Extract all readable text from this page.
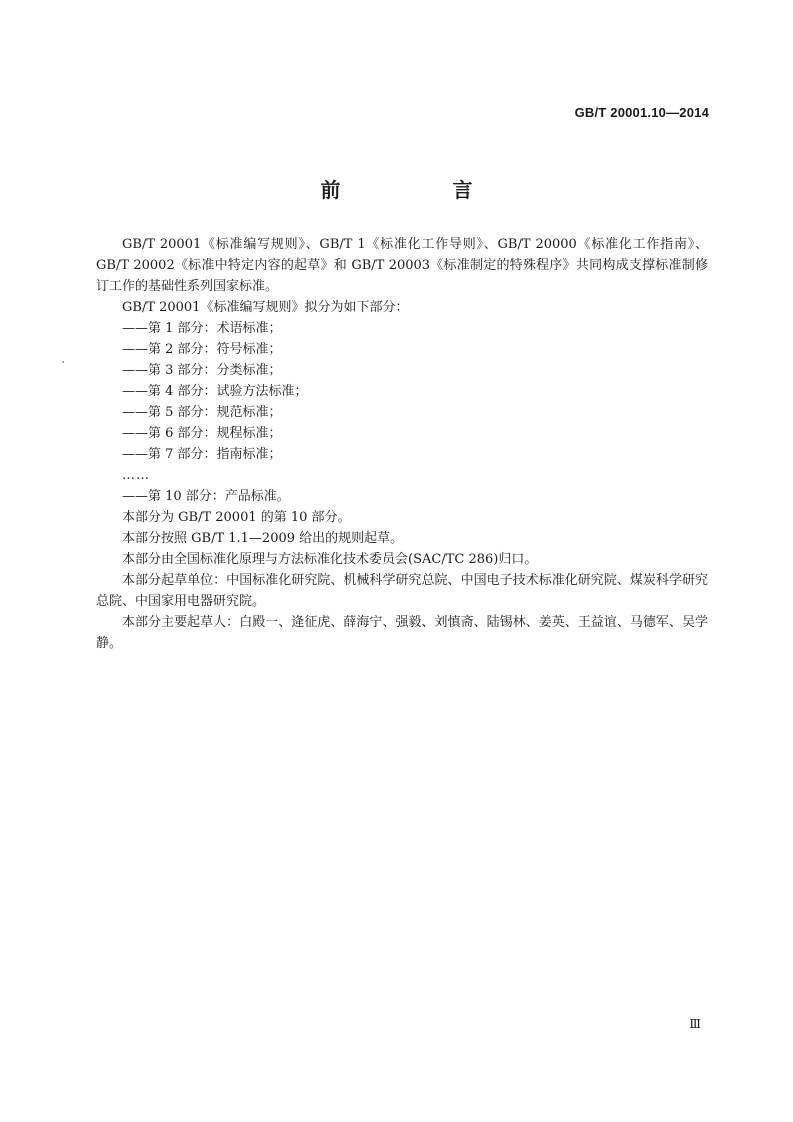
GB/T 20001.10—2014
前　言

GB/T 20001《标准编写规则》、GB/T 1《标准化工作导则》、GB/T 20000《标准化工作指南》、GB/T 20002《标准中特定内容的起草》和 GB/T 20003《标准制定的特殊程序》共同构成支撑标准制修订工作的基础性系列国家标准。

GB/T 20001《标准编写规则》拟分为如下部分：

——第 1 部分：术语标准；

——第 2 部分：符号标准；

——第 3 部分：分类标准；

——第 4 部分：试验方法标准；

——第 5 部分：规范标准；

——第 6 部分：规程标准；

——第 7 部分：指南标准；

……

——第 10 部分：产品标准。

本部分为 GB/T 20001 的第 10 部分。

本部分按照 GB/T 1.1—2009 给出的规则起草。

本部分由全国标准化原理与方法标准化技术委员会(SAC/TC 286)归口。

本部分起草单位：中国标准化研究院、机械科学研究总院、中国电子技术标准化研究院、煤炭科学研究总院、中国家用电器研究院。

本部分主要起草人：白殿一、逄征虎、薛海宁、强毅、刘慎斋、陆锡林、姜英、王益谊、马德军、吴学静。

Ⅲ
